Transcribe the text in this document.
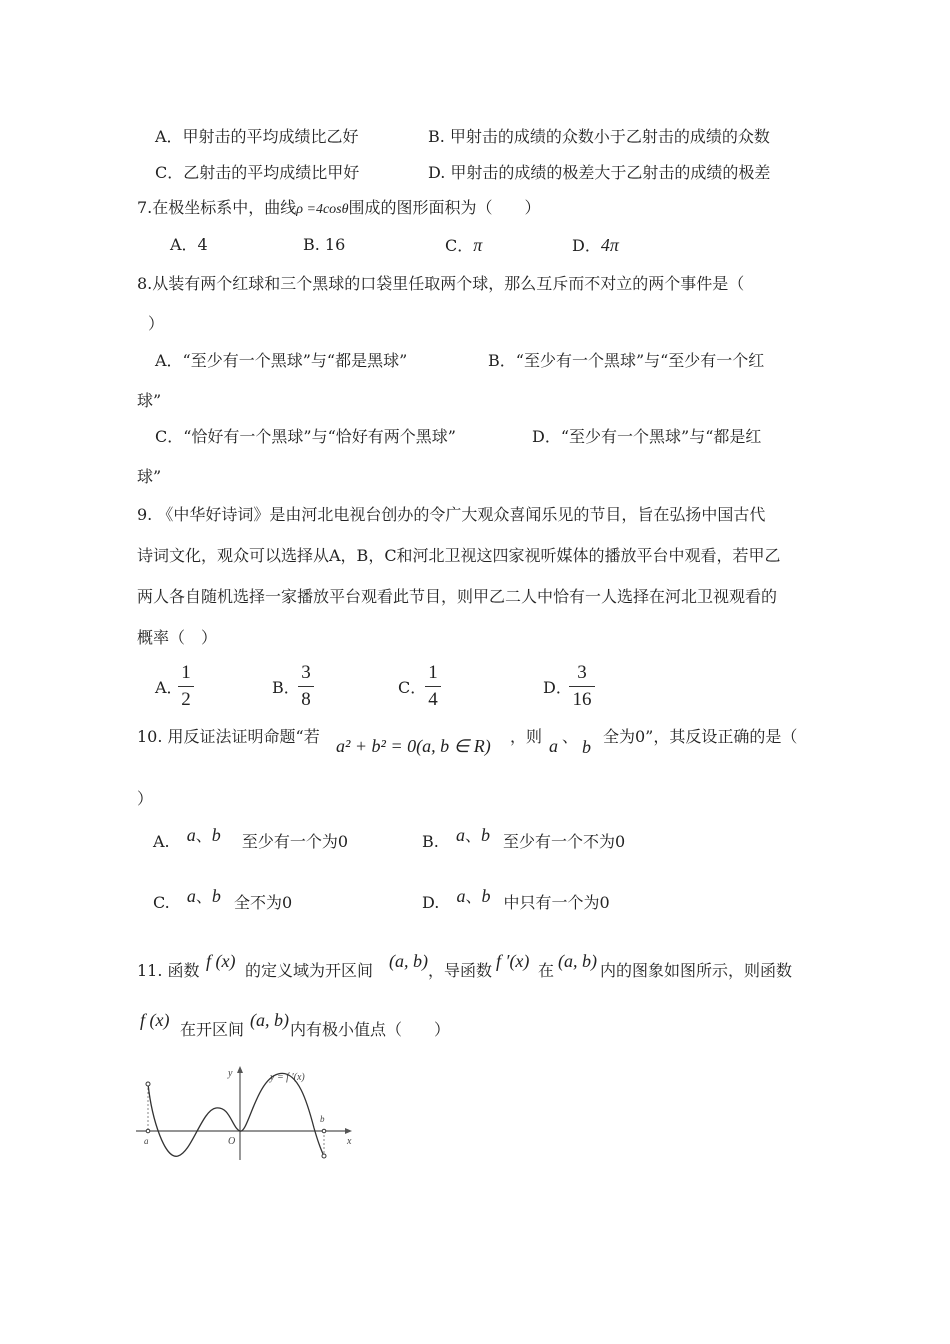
A．甲射击的平均成绩比乙好	B. 甲射击的成绩的众数小于乙射击的成绩的众数
C．乙射击的平均成绩比甲好	D. 甲射击的成绩的极差大于乙射击的成绩的极差
7.在极坐标系中，曲线ρ =4cosθ围成的图形面积为（　　）
A．4	B. 16	C．π	D．4π
8.从装有两个红球和三个黑球的口袋里任取两个球，那么互斥而不对立的两个事件是（
）
A．“至少有一个黑球”与“都是黑球”	B．“至少有一个黑球”与“至少有一个红
球”
C．“恰好有一个黑球”与“恰好有两个黑球”	D．“至少有一个黑球”与“都是红
球”
9. 《中华好诗词》是由河北电视台创办的令广大观众喜闻乐见的节目，旨在弘扬中国古代
诗词文化，观众可以选择从A，B，C和河北卫视这四家视听媒体的播放平台中观看，若甲乙
两人各自随机选择一家播放平台观看此节目，则甲乙二人中恰有一人选择在河北卫视观看的
概率（　）
A．
1
2
B．
3
8
C．
1
4
D．
3
16
10. 用反证法证明命题“若 a² + b² = 0(a, b ∈ R) ，则 a 、
b
全为0”，其反设正确的是（
）
A. a、b 至少有一个为0	B. a、b 至少有一个不为0
C. a、b 全不为0	D. a、b 中只有一个为0
11. 函数 f (x) 的定义域为开区间 (a, b) ，导函数 f ′(x) 在 (a, b) 内的图象如图所示，则函数
f (x) 在开区间 (a, b) 内有极小值点（　　）
y
x
O
y = f ′(x)
a
b
